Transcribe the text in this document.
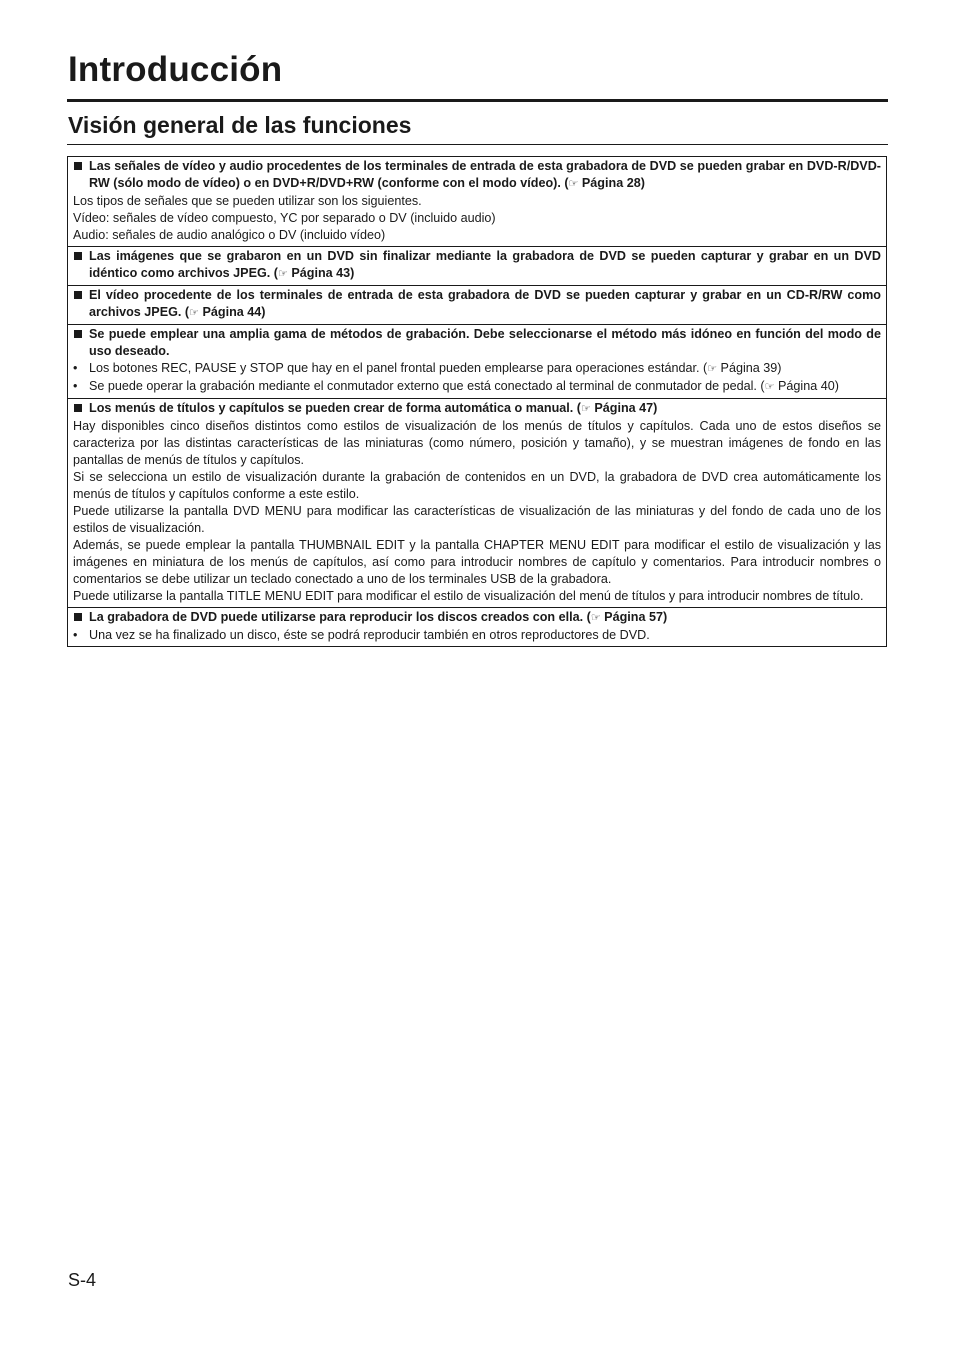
Introducción
Visión general de las funciones

Las señales de vídeo y audio procedentes de los terminales de entrada de esta grabadora de DVD se pueden grabar en DVD-R/DVD-RW (sólo modo de vídeo) o en DVD+R/DVD+RW (conforme con el modo vídeo). (☞ Página 28)

Los tipos de señales que se pueden utilizar son los siguientes.

Vídeo: señales de vídeo compuesto, YC por separado o DV (incluido audio)

Audio: señales de audio analógico o DV (incluido vídeo)

Las imágenes que se grabaron en un DVD sin finalizar mediante la grabadora de DVD se pueden capturar y grabar en un DVD idéntico como archivos JPEG. (☞ Página 43)

El vídeo procedente de los terminales de entrada de esta grabadora de DVD se pueden capturar y grabar en un CD-R/RW como archivos JPEG. (☞ Página 44)

Se puede emplear una amplia gama de métodos de grabación. Debe seleccionarse el método más idóneo en función del modo de uso deseado.

• Los botones REC, PAUSE y STOP que hay en el panel frontal pueden emplearse para operaciones estándar. (☞ Página 39)

• Se puede operar la grabación mediante el conmutador externo que está conectado al terminal de conmutador de pedal. (☞ Página 40)

Los menús de títulos y capítulos se pueden crear de forma automática o manual. (☞ Página 47)

Hay disponibles cinco diseños distintos como estilos de visualización de los menús de títulos y capítulos. Cada uno de estos diseños se caracteriza por las distintas características de las miniaturas (como número, posición y tamaño), y se muestran imágenes de fondo en las pantallas de menús de títulos y capítulos.

Si se selecciona un estilo de visualización durante la grabación de contenidos en un DVD, la grabadora de DVD crea automáticamente los menús de títulos y capítulos conforme a este estilo.

Puede utilizarse la pantalla DVD MENU para modificar las características de visualización de las miniaturas y del fondo de cada uno de los estilos de visualización.

Además, se puede emplear la pantalla THUMBNAIL EDIT y la pantalla CHAPTER MENU EDIT para modificar el estilo de visualización y las imágenes en miniatura de los menús de capítulos, así como para introducir nombres de capítulo y comentarios. Para introducir nombres o comentarios se debe utilizar un teclado conectado a uno de los terminales USB de la grabadora.

Puede utilizarse la pantalla TITLE MENU EDIT para modificar el estilo de visualización del menú de títulos y para introducir nombres de título.

La grabadora de DVD puede utilizarse para reproducir los discos creados con ella. (☞ Página 57)

• Una vez se ha finalizado un disco, éste se podrá reproducir también en otros reproductores de DVD.

S-4
